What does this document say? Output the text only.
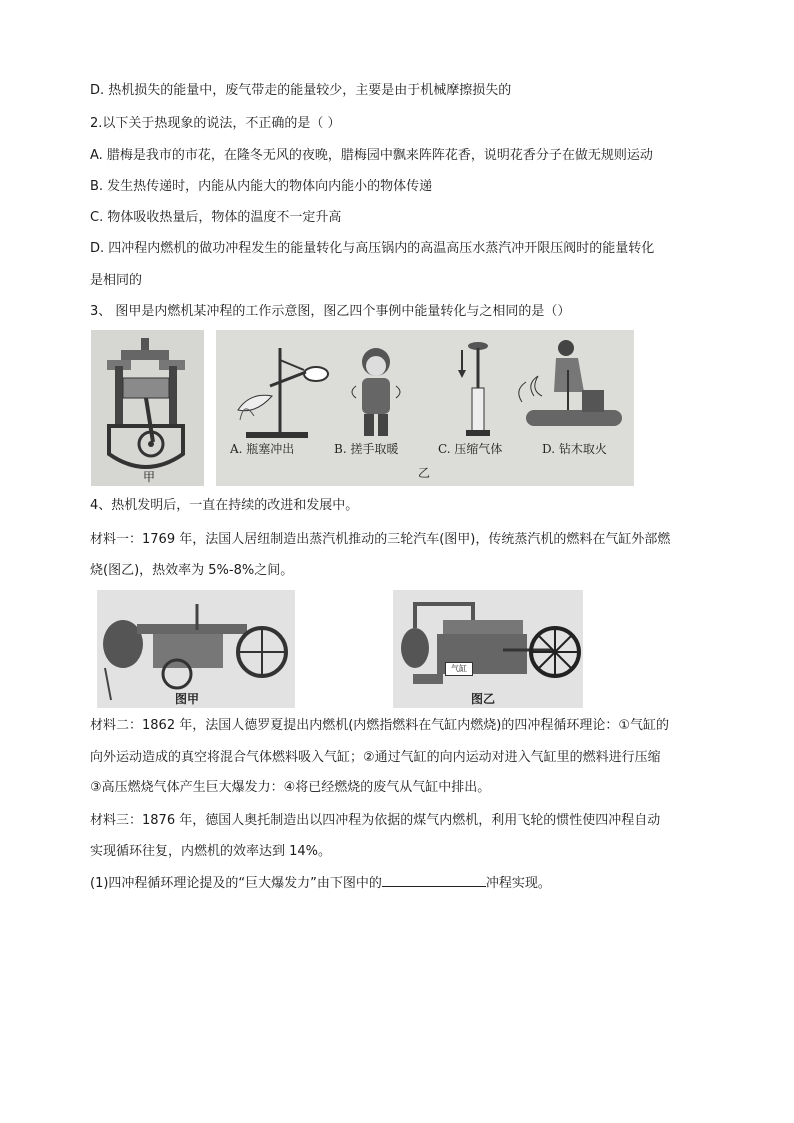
D. 热机损失的能量中，废气带走的能量较少，主要是由于机械摩擦损失的
2.以下关于热现象的说法，不正确的是（ ）
A. 腊梅是我市的市花，在隆冬无风的夜晚，腊梅园中飘来阵阵花香，说明花香分子在做无规则运动
B. 发生热传递时，内能从内能大的物体向内能小的物体传递
C. 物体吸收热量后，物体的温度不一定升高
D. 四冲程内燃机的做功冲程发生的能量转化与高压锅内的高温高压水蒸汽冲开限压阀时的能量转化
是相同的
3、 图甲是内燃机某冲程的工作示意图，图乙四个事例中能量转化与之相同的是（）
甲
A. 瓶塞冲出	B. 搓手取暖	C. 压缩气体	D. 钻木取火
乙
4、热机发明后，一直在持续的改进和发展中。
材料一：1769 年，法国人居纽制造出蒸汽机推动的三轮汽车(图甲)，传统蒸汽机的燃料在气缸外部燃
烧(图乙)，热效率为 5%-8%之间。
图甲
气缸
图乙
材料二：1862 年，法国人德罗夏提出内燃机(内燃指燃料在气缸内燃烧)的四冲程循环理论：①气缸的
向外运动造成的真空将混合气体燃料吸入气缸；②通过气缸的向内运动对进入气缸里的燃料进行压缩
③高压燃烧气体产生巨大爆发力：④将已经燃烧的废气从气缸中排出。
材料三：1876 年，德国人奥托制造出以四冲程为依据的煤气内燃机，利用飞轮的惯性使四冲程自动
实现循环往复，内燃机的效率达到 14%。
(1)四冲程循环理论提及的“巨大爆发力”由下图中的	冲程实现。
